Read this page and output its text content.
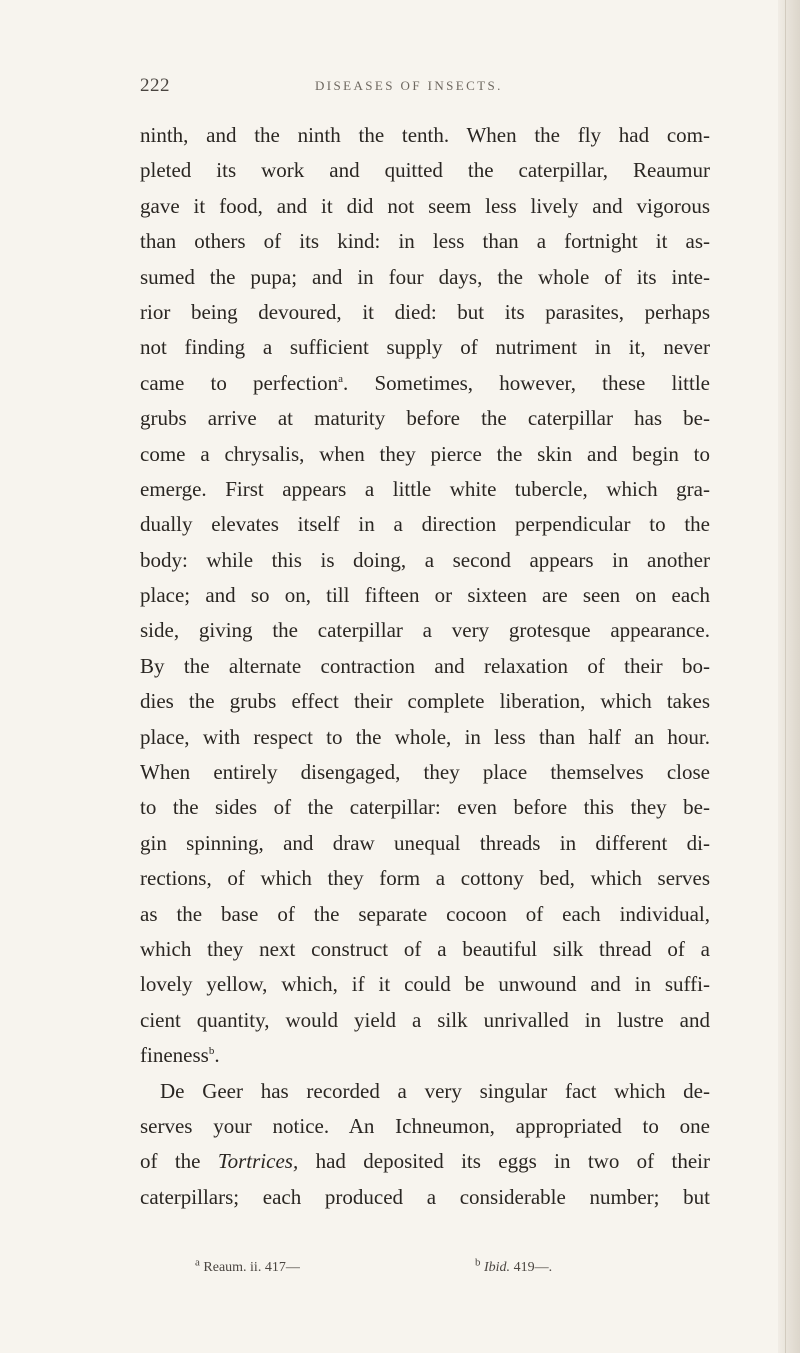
222	DISEASES OF INSECTS.
ninth, and the ninth the tenth. When the fly had com-
pleted its work and quitted the caterpillar, Reaumur
gave it food, and it did not seem less lively and vigorous
than others of its kind: in less than a fortnight it as-
sumed the pupa; and in four days, the whole of its inte-
rior being devoured, it died: but its parasites, perhaps
not finding a sufficient supply of nutriment in it, never
came to perfection$^a$. Sometimes, however, these little
grubs arrive at maturity before the caterpillar has be-
come a chrysalis, when they pierce the skin and begin to
emerge. First appears a little white tubercle, which gra-
dually elevates itself in a direction perpendicular to the
body: while this is doing, a second appears in another
place; and so on, till fifteen or sixteen are seen on each
side, giving the caterpillar a very grotesque appearance.
By the alternate contraction and relaxation of their bo-
dies the grubs effect their complete liberation, which takes
place, with respect to the whole, in less than half an hour.
When entirely disengaged, they place themselves close
to the sides of the caterpillar: even before this they be-
gin spinning, and draw unequal threads in different di-
rections, of which they form a cottony bed, which serves
as the base of the separate cocoon of each individual,
which they next construct of a beautiful silk thread of a
lovely yellow, which, if it could be unwound and in suffi-
cient quantity, would yield a silk unrivalled in lustre and
fineness$^b$.
De Geer has recorded a very singular fact which de-
serves your notice. An Ichneumon, appropriated to one
of the Tortrices, had deposited its eggs in two of their
caterpillars; each produced a considerable number; but
$^a$ Reaum. ii. 417—	$^b$ Ibid. 419—.
